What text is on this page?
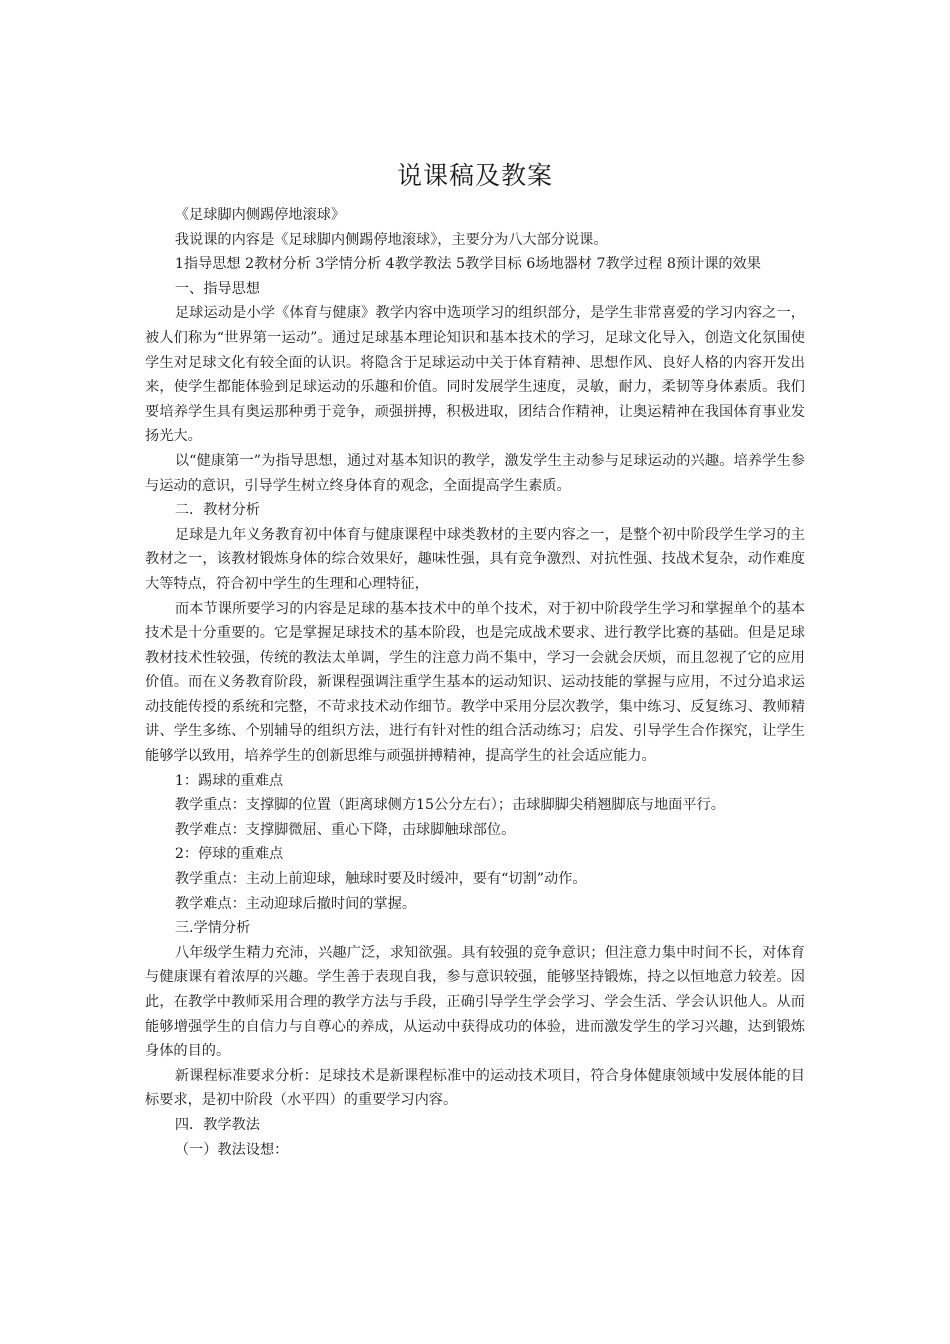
说课稿及教案

《足球脚内侧踢停地滚球》

我说课的内容是《足球脚内侧踢停地滚球》，主要分为八大部分说课。

1指导思想 2教材分析 3学情分析 4教学教法 5教学目标 6场地器材 7教学过程 8预计课的效果

一、指导思想

足球运动是小学《体育与健康》教学内容中选项学习的组织部分，是学生非常喜爱的学习内容之一，被人们称为“世界第一运动”。通过足球基本理论知识和基本技术的学习，足球文化导入，创造文化氛围使学生对足球文化有较全面的认识。将隐含于足球运动中关于体育精神、思想作风、良好人格的内容开发出来，使学生都能体验到足球运动的乐趣和价值。同时发展学生速度，灵敏，耐力，柔韧等身体素质。我们要培养学生具有奥运那种勇于竞争，顽强拼搏，积极进取，团结合作精神，让奥运精神在我国体育事业发扬光大。

以“健康第一”为指导思想，通过对基本知识的教学，激发学生主动参与足球运动的兴趣。培养学生参与运动的意识，引导学生树立终身体育的观念，全面提高学生素质。

二．教材分析

足球是九年义务教育初中体育与健康课程中球类教材的主要内容之一，是整个初中阶段学生学习的主教材之一，该教材锻炼身体的综合效果好，趣味性强，具有竞争激烈、对抗性强、技战术复杂，动作难度大等特点，符合初中学生的生理和心理特征，

而本节课所要学习的内容是足球的基本技术中的单个技术，对于初中阶段学生学习和掌握单个的基本技术是十分重要的。它是掌握足球技术的基本阶段，也是完成战术要求、进行教学比赛的基础。但是足球教材技术性较强，传统的教法太单调，学生的注意力尚不集中，学习一会就会厌烦，而且忽视了它的应用价值。而在义务教育阶段，新课程强调注重学生基本的运动知识、运动技能的掌握与应用，不过分追求运动技能传授的系统和完整，不苛求技术动作细节。教学中采用分层次教学，集中练习、反复练习、教师精讲、学生多练、个别辅导的组织方法，进行有针对性的组合活动练习；启发、引导学生合作探究，让学生能够学以致用，培养学生的创新思维与顽强拼搏精神，提高学生的社会适应能力。

1：踢球的重难点

教学重点：支撑脚的位置（距离球侧方15公分左右）；击球脚脚尖稍翘脚底与地面平行。

教学难点：支撑脚微屈、重心下降，击球脚触球部位。

2：停球的重难点

教学重点：主动上前迎球，触球时要及时缓冲，要有“切割”动作。

教学难点：主动迎球后撤时间的掌握。

三.学情分析

八年级学生精力充沛，兴趣广泛，求知欲强。具有较强的竞争意识；但注意力集中时间不长，对体育与健康课有着浓厚的兴趣。学生善于表现自我，参与意识较强，能够坚持锻炼，持之以恒地意力较差。因此，在教学中教师采用合理的教学方法与手段，正确引导学生学会学习、学会生活、学会认识他人。从而能够增强学生的自信力与自尊心的养成，从运动中获得成功的体验，进而激发学生的学习兴趣，达到锻炼身体的目的。

新课程标准要求分析：足球技术是新课程标准中的运动技术项目，符合身体健康领域中发展体能的目标要求，是初中阶段（水平四）的重要学习内容。

四．教学教法

（一）教法设想：
